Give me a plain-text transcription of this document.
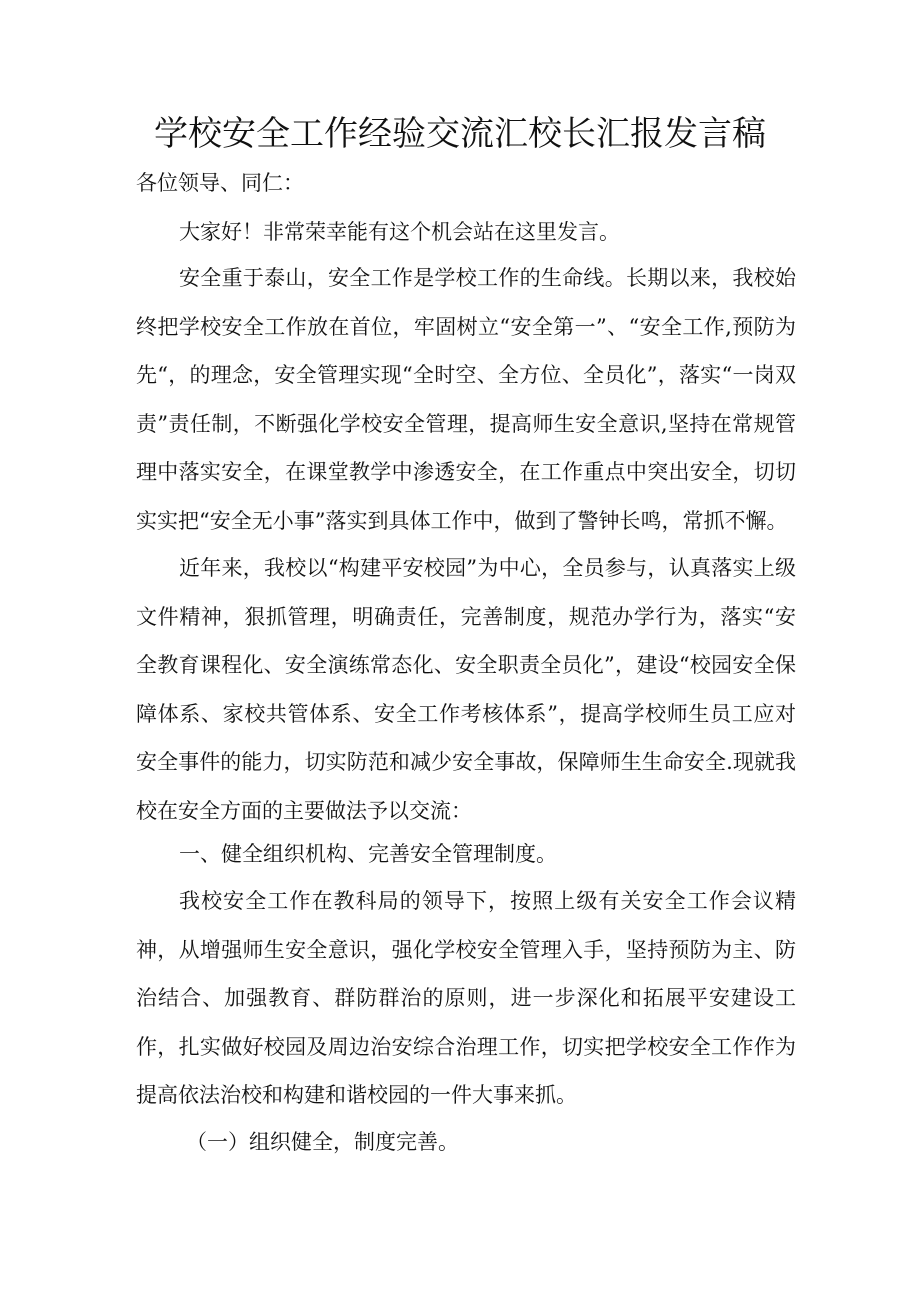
学校安全工作经验交流汇校长汇报发言稿

各位领导、同仁：

大家好！非常荣幸能有这个机会站在这里发言。

安全重于泰山，安全工作是学校工作的生命线。长期以来，我校始终把学校安全工作放在首位，牢固树立“安全第一”、“安全工作,预防为先“，的理念，安全管理实现“全时空、全方位、全员化”，落实“一岗双责”责任制，不断强化学校安全管理，提高师生安全意识,坚持在常规管理中落实安全，在课堂教学中渗透安全，在工作重点中突出安全，切切实实把“安全无小事”落实到具体工作中，做到了警钟长鸣，常抓不懈。

近年来，我校以“构建平安校园”为中心，全员参与，认真落实上级文件精神，狠抓管理，明确责任，完善制度，规范办学行为，落实“安全教育课程化、安全演练常态化、安全职责全员化”，建设“校园安全保障体系、家校共管体系、安全工作考核体系”，提高学校师生员工应对安全事件的能力，切实防范和减少安全事故，保障师生生命安全.现就我校在安全方面的主要做法予以交流：

一、健全组织机构、完善安全管理制度。

我校安全工作在教科局的领导下，按照上级有关安全工作会议精神，从增强师生安全意识，强化学校安全管理入手，坚持预防为主、防治结合、加强教育、群防群治的原则，进一步深化和拓展平安建设工作，扎实做好校园及周边治安综合治理工作，切实把学校安全工作作为提高依法治校和构建和谐校园的一件大事来抓。

（一）组织健全，制度完善。
